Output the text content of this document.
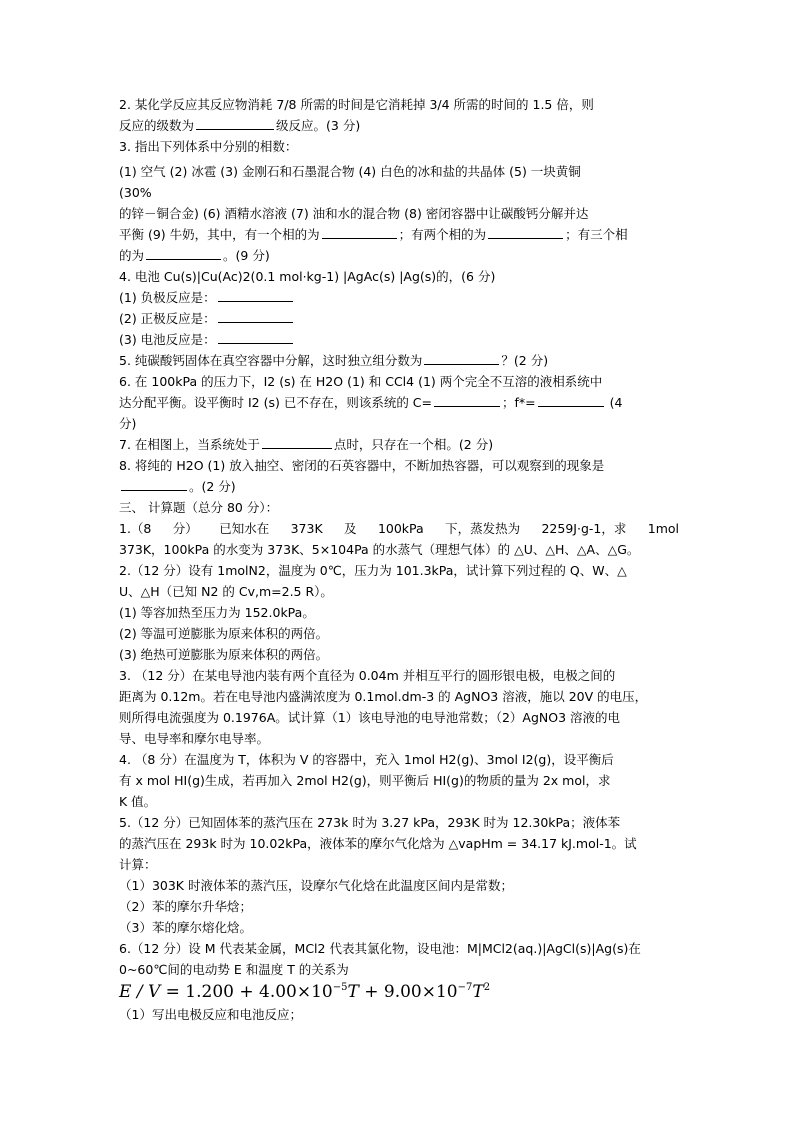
2. 某化学反应其反应物消耗 7/8 所需的时间是它消耗掉 3/4 所需的时间的 1.5 倍，则
反应的级数为	级反应。(3 分)
3. 指出下列体系中分别的相数：
(1) 空气 (2) 冰雹 (3) 金刚石和石墨混合物 (4) 白色的冰和盐的共晶体 (5) 一块黄铜
(30%
的锌－铜合金) (6) 酒精水溶液 (7) 油和水的混合物 (8) 密闭容器中让碳酸钙分解并达
平衡 (9) 牛奶，其中，有一个相的为	；有两个相的为	；有三个相
的为	。(9 分)
4. 电池 Cu(s)|Cu(Ac)2(0.1 mol·kg-1) |AgAc(s) |Ag(s)的，(6 分)
(1) 负极反应是：
(2) 正极反应是：
(3) 电池反应是：
5. 纯碳酸钙固体在真空容器中分解，这时独立组分数为	？(2 分)
6. 在 100kPa 的压力下，I2 (s) 在 H2O (1) 和 CCl4 (1) 两个完全不互溶的液相系统中
达分配平衡。设平衡时 I2 (s) 已不存在，则该系统的 C=	；f*=	(4
分)
7. 在相图上，当系统处于	点时，只存在一个相。(2 分)
8. 将纯的 H2O (1) 放入抽空、密闭的石英容器中，不断加热容器，可以观察到的现象是
。(2 分)
三、 计算题（总分 80 分）：
1.（8 分） 已知水在 373K 及 100kPa 下，蒸发热为 2259J·g-1，求 1mol
373K，100kPa 的水变为 373K、5×104Pa 的水蒸气（理想气体）的 △U、△H、△A、△G。
2.（12 分）设有 1molN2，温度为 0℃，压力为 101.3kPa，试计算下列过程的 Q、W、△
U、△H（已知 N2 的 Cv,m=2.5 R）。
(1) 等容加热至压力为 152.0kPa。
(2) 等温可逆膨胀为原来体积的两倍。
(3) 绝热可逆膨胀为原来体积的两倍。
3. （12 分）在某电导池内装有两个直径为 0.04m 并相互平行的圆形银电极，电极之间的
距离为 0.12m。若在电导池内盛满浓度为 0.1mol.dm-3 的 AgNO3 溶液，施以 20V 的电压，
则所得电流强度为 0.1976A。试计算（1）该电导池的电导池常数；（2）AgNO3 溶液的电
导、电导率和摩尔电导率。
4. （8 分）在温度为 T，体积为 V 的容器中，充入 1mol H2(g)、3mol I2(g)，设平衡后
有 x mol HI(g)生成，若再加入 2mol H2(g)，则平衡后 HI(g)的物质的量为 2x mol，求
K 值。
5.（12 分）已知固体苯的蒸汽压在 273k 时为 3.27 kPa，293K 时为 12.30kPa；液体苯
的蒸汽压在 293k 时为 10.02kPa，液体苯的摩尔气化焓为 △vapHm = 34.17 kJ.mol-1。试
计算：
（1）303K 时液体苯的蒸汽压，设摩尔气化焓在此温度区间内是常数；
（2）苯的摩尔升华焓；
（3）苯的摩尔熔化焓。
6.（12 分）设 M 代表某金属，MCl2 代表其氯化物，设电池：M|MCl2(aq.)|AgCl(s)|Ag(s)在
0~60℃间的电动势 E 和温度 T 的关系为
$E / V = 1.200 + 4.00\times 10^{-5}T + 9.00\times 10^{-7}T^2$
（1）写出电极反应和电池反应；
